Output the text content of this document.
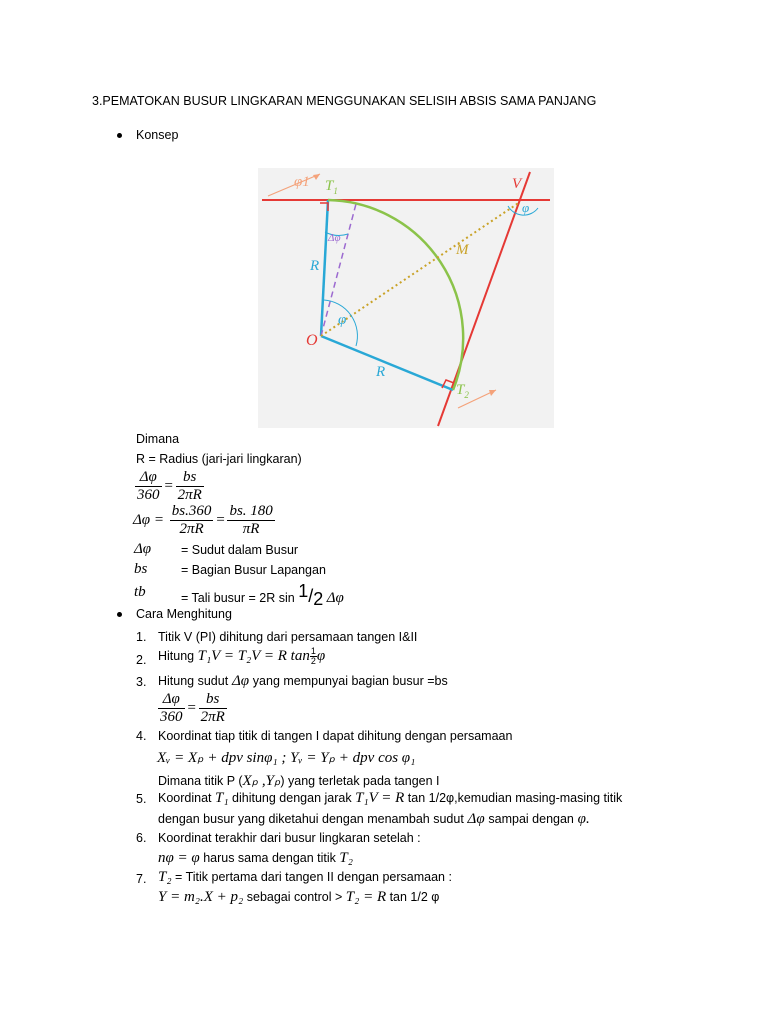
3.PEMATOKAN BUSUR LINGKARAN MENGGUNAKAN SELISIH ABSIS SAMA PANJANG
Konsep
φ1 $T_1$	V
φ
Δφ
M
R
φ
O
R
$T_2$
Dimana
R = Radius (jari-jari lingkaran)
$\frac{\Delta\varphi}{360} = \frac{bs}{2\pi R}$
$\Delta\varphi = \frac{bs.360}{2\pi R} = \frac{bs. 180}{\pi R}$
Δφ = Sudut dalam Busur
bs	= Bagian Busur Lapangan
tb	= Tali busur = 2R sin 1/2 Δφ
Cara Menghitung
1. Titik V (PI) dihitung dari persamaan tangen I&II
2. Hitung T₁V = T₂V = R $\tan \frac{1}{2}$ φ
3. Hitung sudut Δφ yang mempunyai bagian busur =bs
$\frac{\Delta\varphi}{360} = \frac{bs}{2\pi R}$
4. Koordinat tiap titik di tangen I dapat dihitung dengan persamaan
Xᵥ = Xₚ + dpv sinφ₁ ; Yᵥ = Yₚ + dpv cos φ₁
Dimana titik P (Xₚ ,Yₚ) yang terletak pada tangen I
5. Koordinat T₁ dihitung dengan jarak T₁V = R tan 1/2φ,kemudian masing-masing titik
dengan busur yang diketahui dengan menambah sudut Δφ sampai dengan φ.
6. Koordinat terakhir dari busur lingkaran setelah :
nφ = φ harus sama dengan titik T₂
7. T₂ = Titik pertama dari tangen II dengan persamaan :
Y = m₂.X + p₂ sebagai control > T₂ = R tan 1/2 φ
